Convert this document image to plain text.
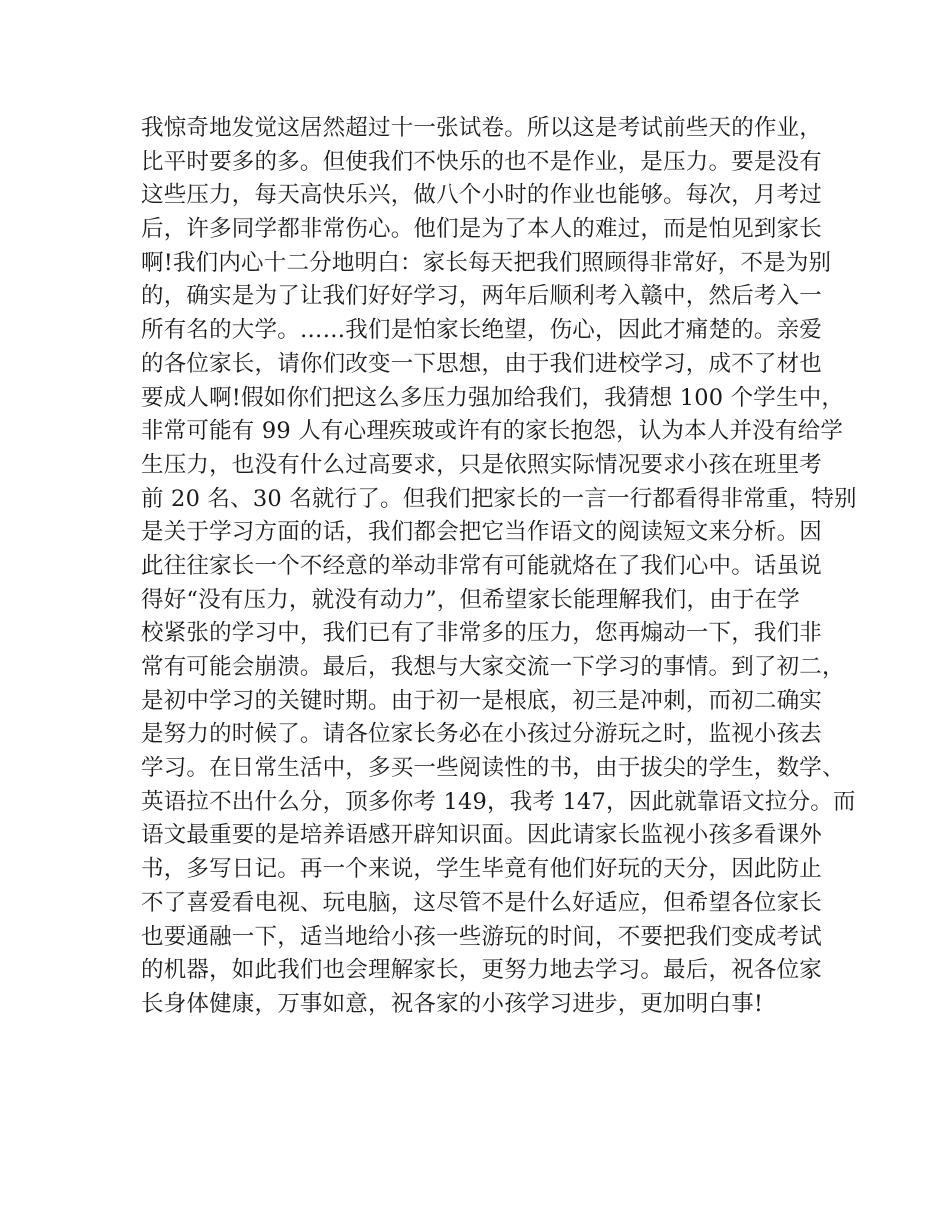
我惊奇地发觉这居然超过十一张试卷。所以这是考试前些天的作业，
比平时要多的多。但使我们不快乐的也不是作业，是压力。要是没有
这些压力，每天高快乐兴，做八个小时的作业也能够。每次，月考过
后，许多同学都非常伤心。他们是为了本人的难过，而是怕见到家长
啊!我们内心十二分地明白：家长每天把我们照顾得非常好，不是为别
的，确实是为了让我们好好学习，两年后顺利考入赣中，然后考入一
所有名的大学。……我们是怕家长绝望，伤心，因此才痛楚的。亲爱
的各位家长，请你们改变一下思想，由于我们进校学习，成不了材也
要成人啊!假如你们把这么多压力强加给我们，我猜想 100 个学生中，
非常可能有 99 人有心理疾玻或许有的家长抱怨，认为本人并没有给学
生压力，也没有什么过高要求，只是依照实际情况要求小孩在班里考
前 20 名、30 名就行了。但我们把家长的一言一行都看得非常重，特别
是关于学习方面的话，我们都会把它当作语文的阅读短文来分析。因
此往往家长一个不经意的举动非常有可能就烙在了我们心中。话虽说
得好“没有压力，就没有动力”，但希望家长能理解我们，由于在学
校紧张的学习中，我们已有了非常多的压力，您再煽动一下，我们非
常有可能会崩溃。最后，我想与大家交流一下学习的事情。到了初二，
是初中学习的关键时期。由于初一是根底，初三是冲刺，而初二确实
是努力的时候了。请各位家长务必在小孩过分游玩之时，监视小孩去
学习。在日常生活中，多买一些阅读性的书，由于拔尖的学生，数学、
英语拉不出什么分，顶多你考 149，我考 147，因此就靠语文拉分。而
语文最重要的是培养语感开辟知识面。因此请家长监视小孩多看课外
书，多写日记。再一个来说，学生毕竟有他们好玩的天分，因此防止
不了喜爱看电视、玩电脑，这尽管不是什么好适应，但希望各位家长
也要通融一下，适当地给小孩一些游玩的时间，不要把我们变成考试
的机器，如此我们也会理解家长，更努力地去学习。最后，祝各位家
长身体健康，万事如意，祝各家的小孩学习进步，更加明白事!
